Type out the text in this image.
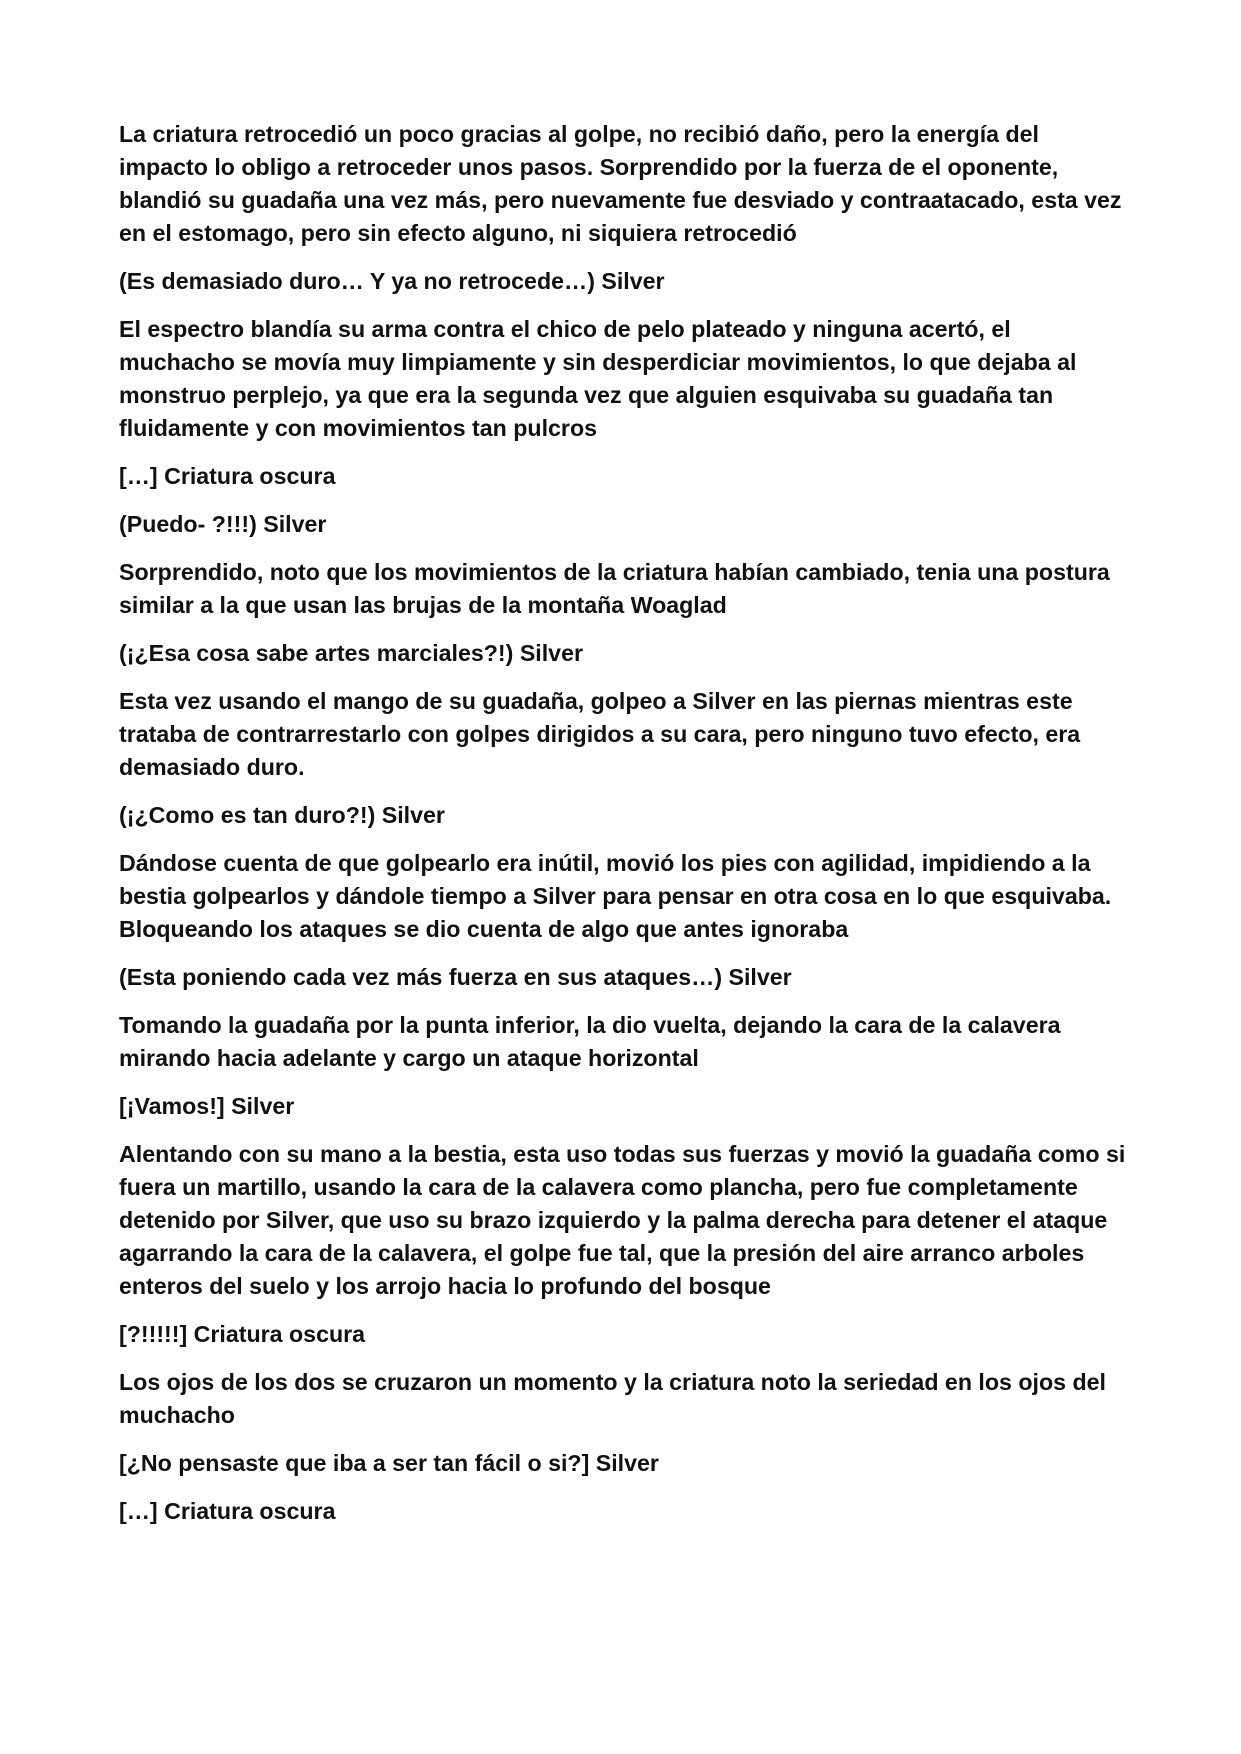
La criatura retrocedió un poco gracias al golpe, no recibió daño, pero la energía del impacto lo obligo a retroceder unos pasos. Sorprendido por la fuerza de el oponente, blandió su guadaña una vez más, pero nuevamente fue desviado y contraatacado, esta vez en el estomago, pero sin efecto alguno, ni siquiera retrocedió

(Es demasiado duro… Y ya no retrocede…) Silver

El espectro blandía su arma contra el chico de pelo plateado y ninguna acertó, el muchacho se movía muy limpiamente y sin desperdiciar movimientos, lo que dejaba al monstruo perplejo, ya que era la segunda vez que alguien esquivaba su guadaña tan fluidamente y con movimientos tan pulcros

[…] Criatura oscura

(Puedo- ?!!!) Silver

Sorprendido, noto que los movimientos de la criatura habían cambiado, tenia una postura similar a la que usan las brujas de la montaña Woaglad

(¡¿Esa cosa sabe artes marciales?!) Silver

Esta vez usando el mango de su guadaña, golpeo a Silver en las piernas mientras este trataba de contrarrestarlo con golpes dirigidos a su cara, pero ninguno tuvo efecto, era demasiado duro.

(¡¿Como es tan duro?!) Silver

Dándose cuenta de que golpearlo era inútil, movió los pies con agilidad, impidiendo a la bestia golpearlos y dándole tiempo a Silver para pensar en otra cosa en lo que esquivaba. Bloqueando los ataques se dio cuenta de algo que antes ignoraba

(Esta poniendo cada vez más fuerza en sus ataques…) Silver

Tomando la guadaña por la punta inferior, la dio vuelta, dejando la cara de la calavera mirando hacia adelante y cargo un ataque horizontal

[¡Vamos!] Silver

Alentando con su mano a la bestia, esta uso todas sus fuerzas y movió la guadaña como si fuera un martillo, usando la cara de la calavera como plancha, pero fue completamente detenido por Silver, que uso su brazo izquierdo y la palma derecha para detener el ataque agarrando la cara de la calavera, el golpe fue tal, que la presión del aire arranco arboles enteros del suelo y los arrojo hacia lo profundo del bosque

[?!!!!!] Criatura oscura

Los ojos de los dos se cruzaron un momento y la criatura noto la seriedad en los ojos del muchacho

[¿No pensaste que iba a ser tan fácil o si?] Silver

[…] Criatura oscura
